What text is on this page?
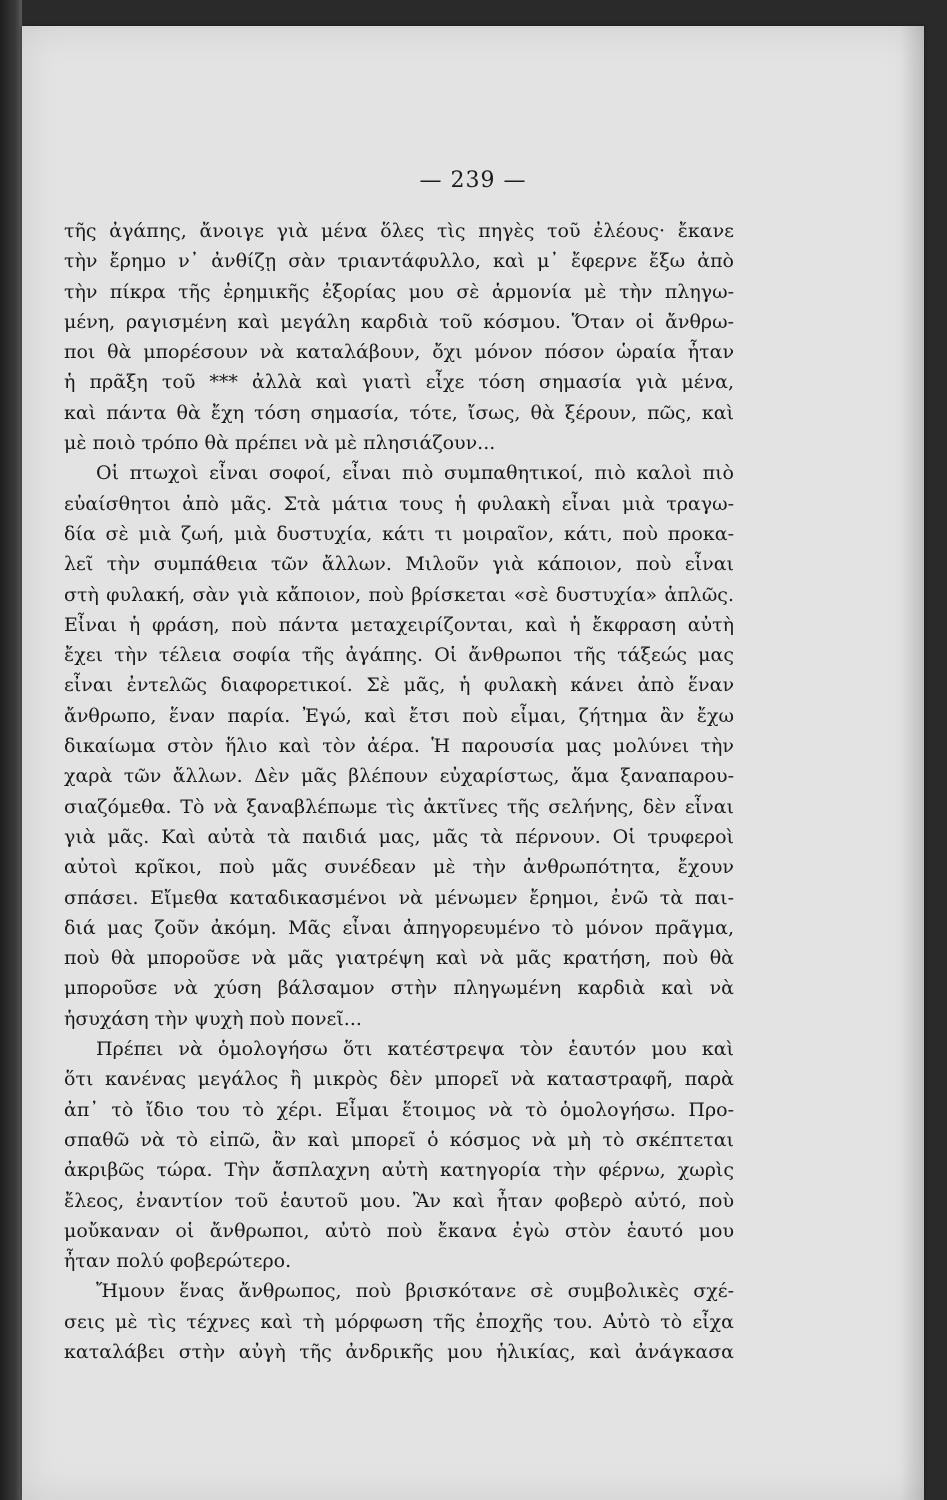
— 239 —
τῆς ἀγάπης, ἄνοιγε γιὰ μένα ὅλες τὶς πηγὲς τοῦ ἐλέους· ἔκανε
τὴν ἔρημο ν᾽ ἀνθίζῃ σὰν τριαντάφυλλο, καὶ μ᾽ ἔφερνε ἔξω ἀπὸ
τὴν πίκρα τῆς ἐρημικῆς ἐξορίας μου σὲ ἁρμονία μὲ τὴν πληγω-
μένη, ραγισμένη καὶ μεγάλη καρδιὰ τοῦ κόσμου. Ὅταν οἱ ἄνθρω-
ποι θὰ μπορέσουν νὰ καταλάβουν, ὄχι μόνον πόσον ὡραία ἦταν
ἡ πρᾶξη τοῦ *** ἀλλὰ καὶ γιατὶ εἶχε τόση σημασία γιὰ μένα,
καὶ πάντα θὰ ἔχη τόση σημασία, τότε, ἴσως, θὰ ξέρουν, πῶς, καὶ
μὲ ποιὸ τρόπο θὰ πρέπει νὰ μὲ πλησιάζουν...
Οἱ πτωχοὶ εἶναι σοφοί, εἶναι πιὸ συμπαθητικοί, πιὸ καλοὶ πιὸ
εὐαίσθητοι ἀπὸ μᾶς. Στὰ μάτια τους ἡ φυλακὴ εἶναι μιὰ τραγω-
δία σὲ μιὰ ζωή, μιὰ δυστυχία, κάτι τι μοιραῖον, κάτι, ποὺ προκα-
λεῖ τὴν συμπάθεια τῶν ἄλλων. Μιλοῦν γιὰ κάποιον, ποὺ εἶναι
στὴ φυλακή, σὰν γιὰ κἄποιον, ποὺ βρίσκεται «σὲ δυστυχία» ἁπλῶς.
Εἶναι ἡ φράση, ποὺ πάντα μεταχειρίζονται, καὶ ἡ ἔκφραση αὐτὴ
ἔχει τὴν τέλεια σοφία τῆς ἀγάπης. Οἱ ἄνθρωποι τῆς τάξεώς μας
εἶναι ἐντελῶς διαφορετικοί. Σὲ μᾶς, ἡ φυλακὴ κάνει ἀπὸ ἕναν
ἄνθρωπο, ἕναν παρία. Ἐγώ, καὶ ἔτσι ποὺ εἶμαι, ζήτημα ἂν ἔχω
δικαίωμα στὸν ἥλιο καὶ τὸν ἀέρα. Ἡ παρουσία μας μολύνει τὴν
χαρὰ τῶν ἄλλων. Δὲν μᾶς βλέπουν εὐχαρίστως, ἅμα ξαναπαρου-
σιαζόμεθα. Τὸ νὰ ξαναβλέπωμε τὶς ἀκτῖνες τῆς σελήνης, δὲν εἶναι
γιὰ μᾶς. Καὶ αὐτὰ τὰ παιδιά μας, μᾶς τὰ πέρνουν. Οἱ τρυφεροὶ
αὐτοὶ κρῖκοι, ποὺ μᾶς συνέδεαν μὲ τὴν ἀνθρωπότητα, ἔχουν
σπάσει. Εἴμεθα καταδικασμένοι νὰ μένωμεν ἔρημοι, ἐνῶ τὰ παι-
διά μας ζοῦν ἀκόμη. Μᾶς εἶναι ἀπηγορευμένο τὸ μόνον πρᾶγμα,
ποὺ θὰ μποροῦσε νὰ μᾶς γιατρέψη καὶ νὰ μᾶς κρατήση, ποὺ θὰ
μποροῦσε νὰ χύση βάλσαμον στὴν πληγωμένη καρδιὰ καὶ νὰ
ἡσυχάση τὴν ψυχὴ ποὺ πονεῖ...
Πρέπει νὰ ὁμολογήσω ὅτι κατέστρεψα τὸν ἑαυτόν μου καὶ
ὅτι κανένας μεγάλος ἢ μικρὸς δὲν μπορεῖ νὰ καταστραφῆ, παρὰ
ἀπ᾽ τὸ ἴδιο του τὸ χέρι. Εἶμαι ἕτοιμος νὰ τὸ ὁμολογήσω. Προ-
σπαθῶ νὰ τὸ εἰπῶ, ἂν καὶ μπορεῖ ὁ κόσμος νὰ μὴ τὸ σκέπτεται
ἀκριβῶς τώρα. Τὴν ἄσπλαχνη αὐτὴ κατηγορία τὴν φέρνω, χωρὶς
ἔλεος, ἐναντίον τοῦ ἑαυτοῦ μου. Ἂν καὶ ἦταν φοβερὸ αὐτό, ποὺ
μοὔκαναν οἱ ἄνθρωποι, αὐτὸ ποὺ ἔκανα ἐγὼ στὸν ἑαυτό μου
ἦταν πολύ φοβερώτερο.
Ἤμουν ἕνας ἄνθρωπος, ποὺ βρισκότανε σὲ συμβολικὲς σχέ-
σεις μὲ τὶς τέχνες καὶ τὴ μόρφωση τῆς ἐποχῆς του. Αὐτὸ τὸ εἶχα
καταλάβει στὴν αὐγὴ τῆς ἀνδρικῆς μου ἡλικίας, καὶ ἀνάγκασα
